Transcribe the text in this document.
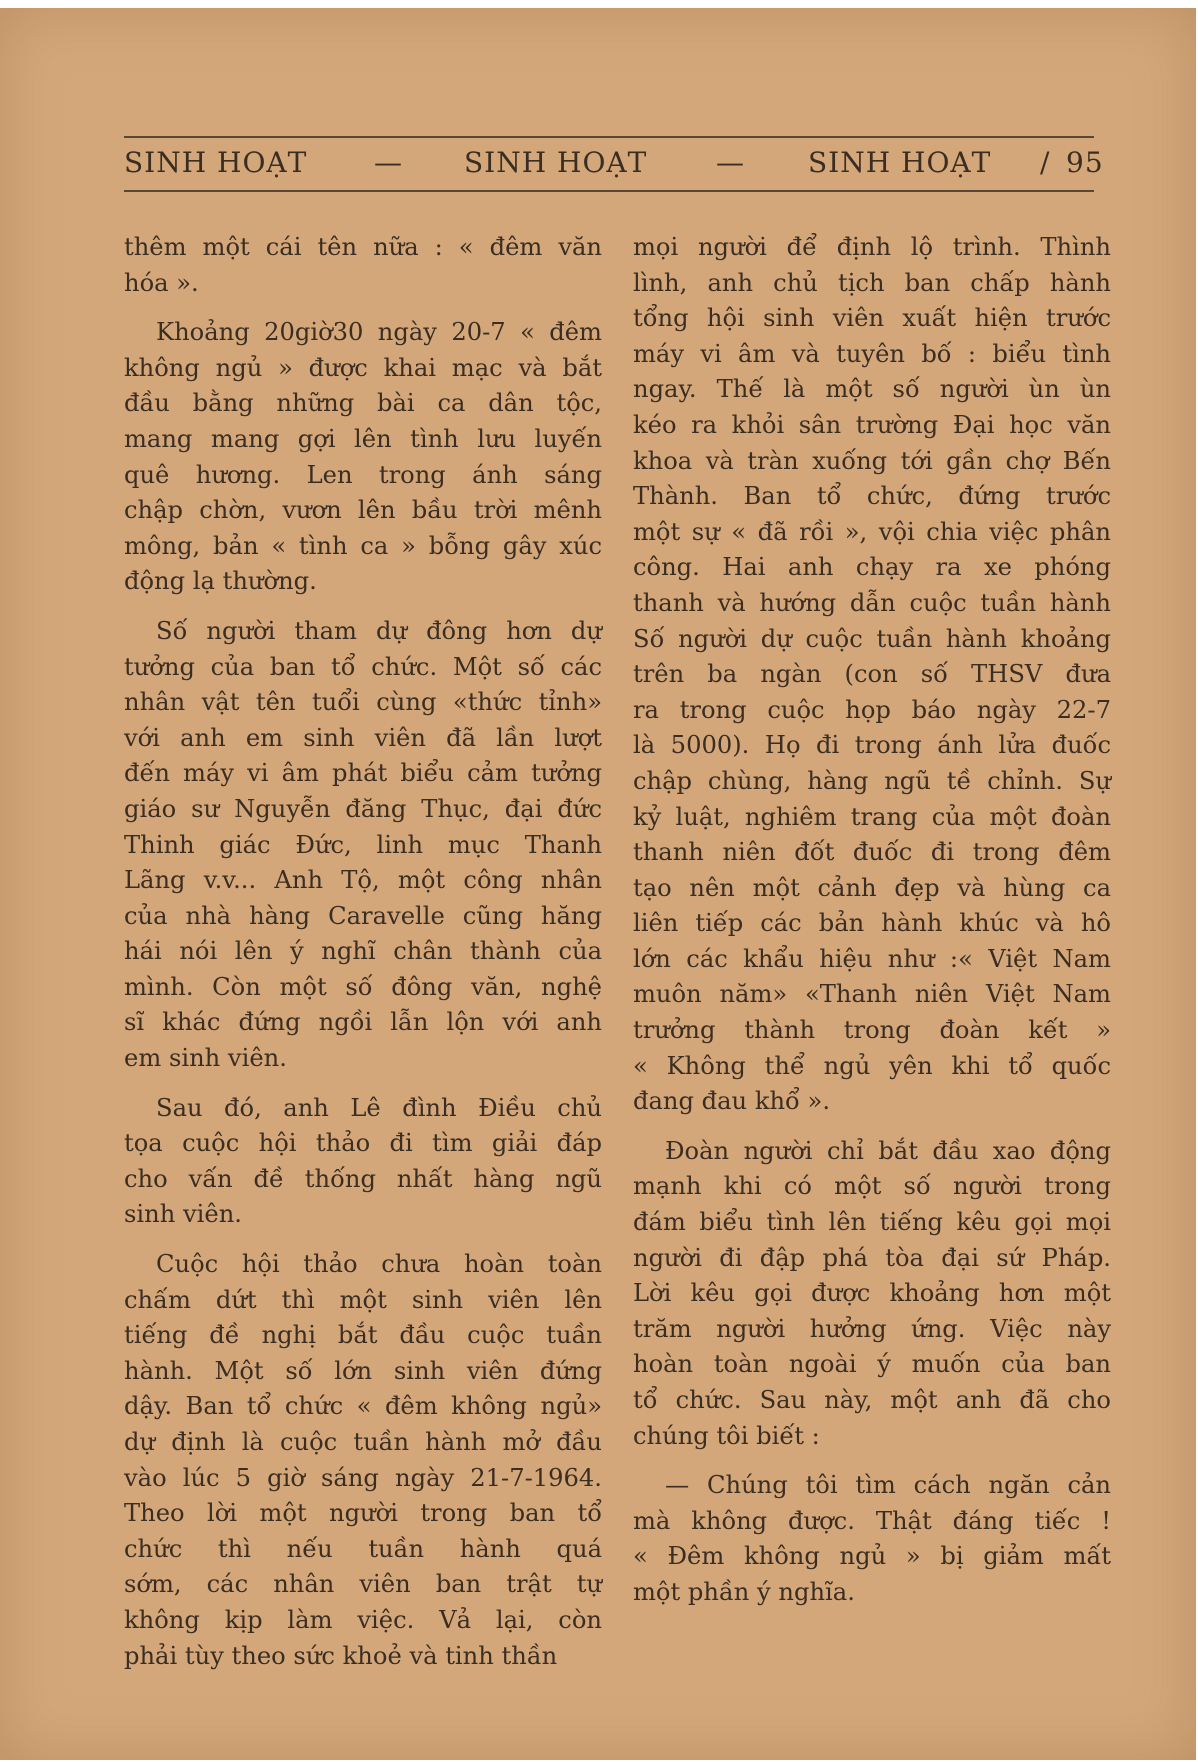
SINH HOẠT — SINH HOẠT — SINH HOẠT / 95
thêm một cái tên nữa : « đêm văn
hóa ».
Khoảng 20giờ30 ngày 20-7 « đêm
không ngủ » được khai mạc và bắt
đầu bằng những bài ca dân tộc,
mang mang gợi lên tình lưu luyến
quê hương. Len trong ánh sáng
chập chờn, vươn lên bầu trời mênh
mông, bản « tình ca » bỗng gây xúc
động lạ thường.
Số người tham dự đông hơn dự
tưởng của ban tổ chức. Một số các
nhân vật tên tuổi cùng «thức tỉnh»
với anh em sinh viên đã lần lượt
đến máy vi âm phát biểu cảm tưởng
giáo sư Nguyễn đăng Thục, đại đức
Thinh giác Đức, linh mục Thanh
Lãng v.v... Anh Tộ, một công nhân
của nhà hàng Caravelle cũng hăng
hái nói lên ý nghĩ chân thành của
mình. Còn một số đông văn, nghệ
sĩ khác đứng ngồi lẫn lộn với anh
em sinh viên.
Sau đó, anh Lê đình Điều chủ
tọa cuộc hội thảo đi tìm giải đáp
cho vấn đề thống nhất hàng ngũ
sinh viên.
Cuộc hội thảo chưa hoàn toàn
chấm dứt thì một sinh viên lên
tiếng đề nghị bắt đầu cuộc tuần
hành. Một số lớn sinh viên đứng
dậy. Ban tổ chức « đêm không ngủ»
dự định là cuộc tuần hành mở đầu
vào lúc 5 giờ sáng ngày 21-7-1964.
Theo lời một người trong ban tổ
chức thì nếu tuần hành quá
sớm, các nhân viên ban trật tự
không kịp làm việc. Vả lại, còn
phải tùy theo sức khoẻ và tinh thần
mọi người để định lộ trình. Thình
lình, anh chủ tịch ban chấp hành
tổng hội sinh viên xuất hiện trước
máy vi âm và tuyên bố : biểu tình
ngay. Thế là một số người ùn ùn
kéo ra khỏi sân trường Đại học văn
khoa và tràn xuống tới gần chợ Bến
Thành. Ban tổ chức, đứng trước
một sự « đã rồi », vội chia việc phân
công. Hai anh chạy ra xe phóng
thanh và hướng dẫn cuộc tuần hành
Số người dự cuộc tuần hành khoảng
trên ba ngàn (con số THSV đưa
ra trong cuộc họp báo ngày 22-7
là 5000). Họ đi trong ánh lửa đuốc
chập chùng, hàng ngũ tề chỉnh. Sự
kỷ luật, nghiêm trang của một đoàn
thanh niên đốt đuốc đi trong đêm
tạo nên một cảnh đẹp và hùng ca
liên tiếp các bản hành khúc và hô
lớn các khẩu hiệu như :« Việt Nam
muôn năm» «Thanh niên Việt Nam
trưởng thành trong đoàn kết »
« Không thể ngủ yên khi tổ quốc
đang đau khổ ».
Đoàn người chỉ bắt đầu xao động
mạnh khi có một số người trong
đám biểu tình lên tiếng kêu gọi mọi
người đi đập phá tòa đại sứ Pháp.
Lời kêu gọi được khoảng hơn một
trăm người hưởng ứng. Việc này
hoàn toàn ngoài ý muốn của ban
tổ chức. Sau này, một anh đã cho
chúng tôi biết :
— Chúng tôi tìm cách ngăn cản
mà không được. Thật đáng tiếc !
« Đêm không ngủ » bị giảm mất
một phần ý nghĩa.
